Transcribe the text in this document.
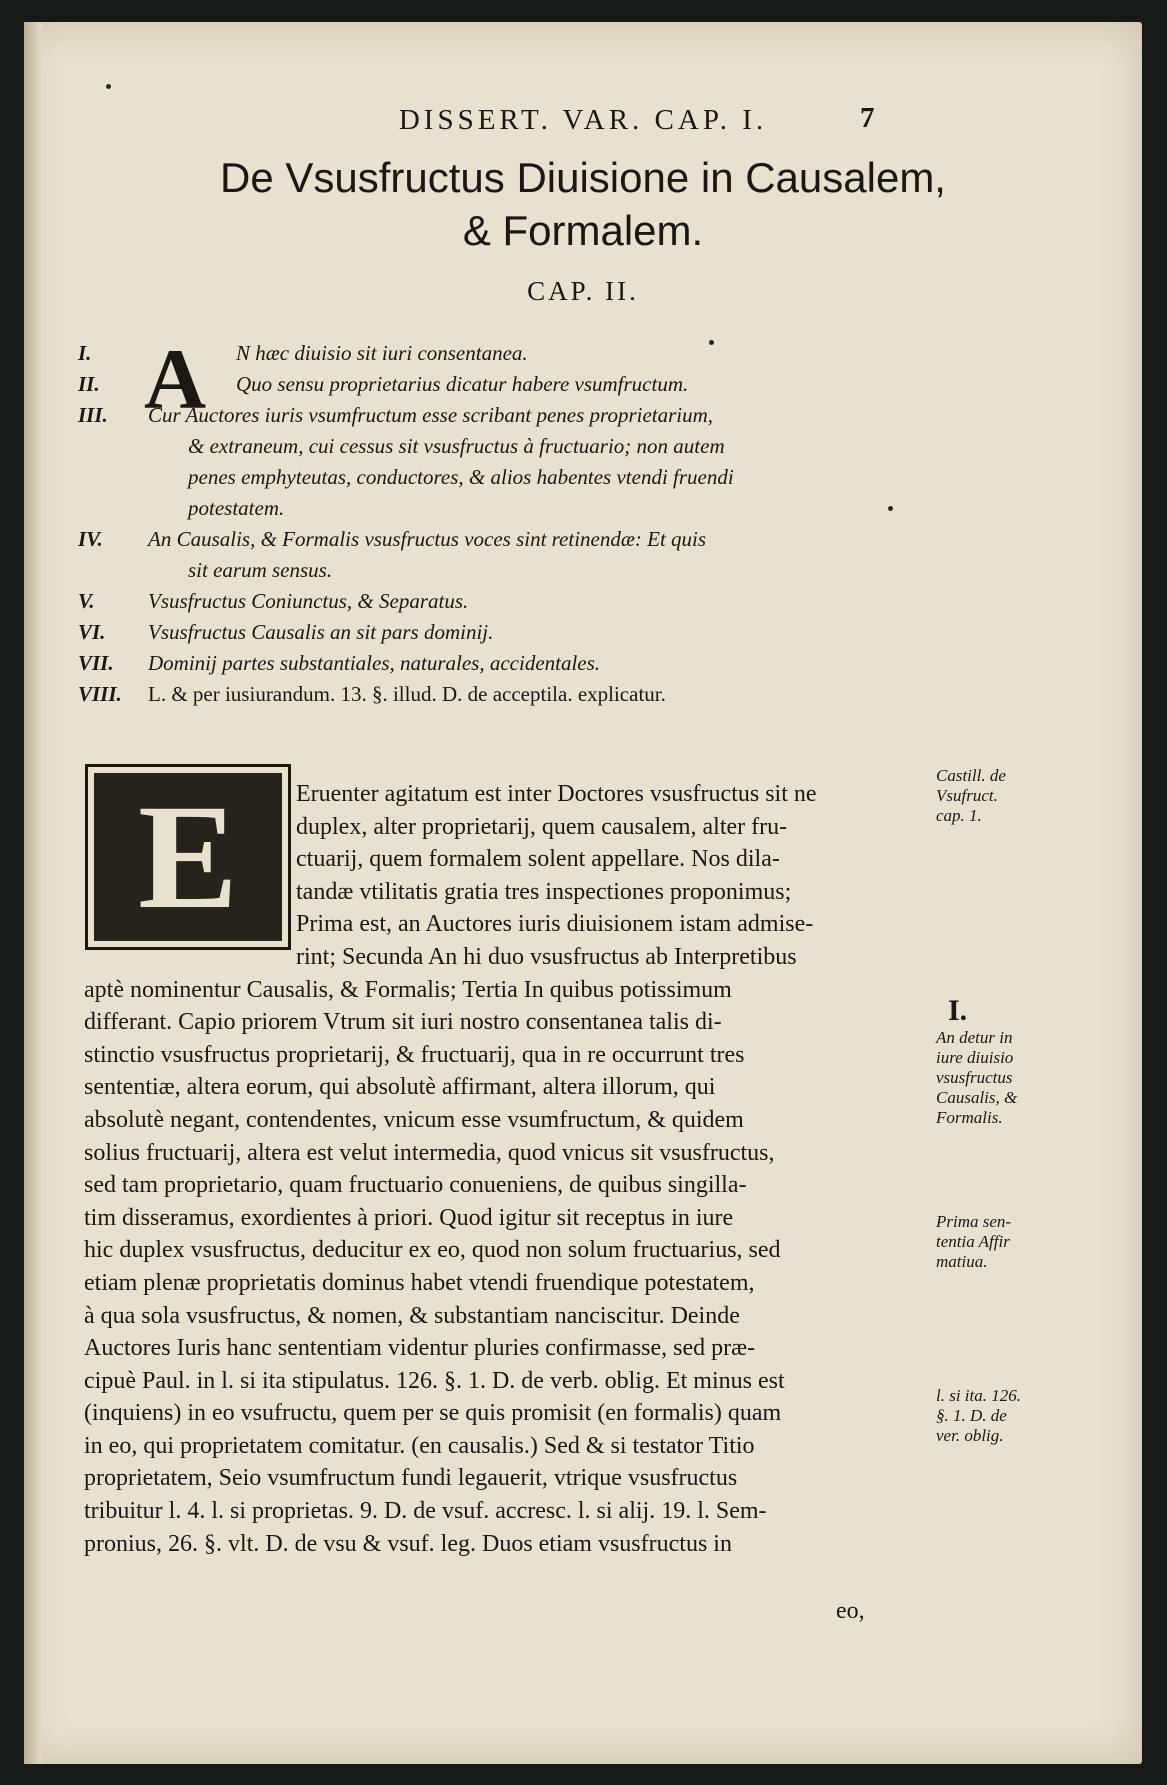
DISSERT. VAR. CAP. I.	7
De Vsusfructus Diuisione in Causalem,
& Formalem.
CAP. II.
A
I.	N hæc diuisio sit iuri consentanea.
II.	Quo sensu proprietarius dicatur habere vsumfructum.
III.	Cur Auctores iuris vsumfructum esse scribant penes proprietarium,
& extraneum, cui cessus sit vsusfructus à fructuario; non autem
penes emphyteutas, conductores, & alios habentes vtendi fruendi
potestatem.
IV.	An Causalis, & Formalis vsusfructus voces sint retinendæ: Et quis
sit earum sensus.
V.	Vsusfructus Coniunctus, & Separatus.
VI.	Vsusfructus Causalis an sit pars dominij.
VII.	Dominij partes substantiales, naturales, accidentales.
VIII.	L. & per iusiurandum. 13. §. illud. D. de acceptila. explicatur.
E	Eruenter agitatum est inter Doctores vsusfructus sit ne
duplex, alter proprietarij, quem causalem, alter fru-
ctuarij, quem formalem solent appellare. Nos dila-
tandæ vtilitatis gratia tres inspectiones proponimus;
Prima est, an Auctores iuris diuisionem istam admise-
rint; Secunda An hi duo vsusfructus ab Interpretibus
aptè nominentur Causalis, & Formalis; Tertia In quibus potissimum
differant. Capio priorem Vtrum sit iuri nostro consentanea talis di-
stinctio vsusfructus proprietarij, & fructuarij, qua in re occurrunt tres
sententiæ, altera eorum, qui absolutè affirmant, altera illorum, qui
absolutè negant, contendentes, vnicum esse vsumfructum, & quidem
solius fructuarij, altera est velut intermedia, quod vnicus sit vsusfructus,
sed tam proprietario, quam fructuario conueniens, de quibus singilla-
tim disseramus, exordientes à priori. Quod igitur sit receptus in iure
hic duplex vsusfructus, deducitur ex eo, quod non solum fructuarius, sed
etiam plenæ proprietatis dominus habet vtendi fruendique potestatem,
à qua sola vsusfructus, & nomen, & substantiam nanciscitur. Deinde
Auctores Iuris hanc sententiam videntur pluries confirmasse, sed præ-
cipuè Paul. in l. si ita stipulatus. 126. §. 1. D. de verb. oblig. Et minus est
(inquiens) in eo vsufructu, quem per se quis promisit (en formalis) quam
in eo, qui proprietatem comitatur. (en causalis.) Sed & si testator Titio
proprietatem, Seio vsumfructum fundi legauerit, vtrique vsusfructus
tribuitur l. 4. l. si proprietas. 9. D. de vsuf. accresc. l. si alij. 19. l. Sem-
pronius, 26. §. vlt. D. de vsu & vsuf. leg. Duos etiam vsusfructus in
eo,
Castill. de
Vsufruct.
cap. 1.
I.
An detur in
iure diuisio
vsusfructus
Causalis, &
Formalis.
Prima sen-
tentia Affir
matiua.
l. si ita. 126.
§. 1. D. de
ver. oblig.
